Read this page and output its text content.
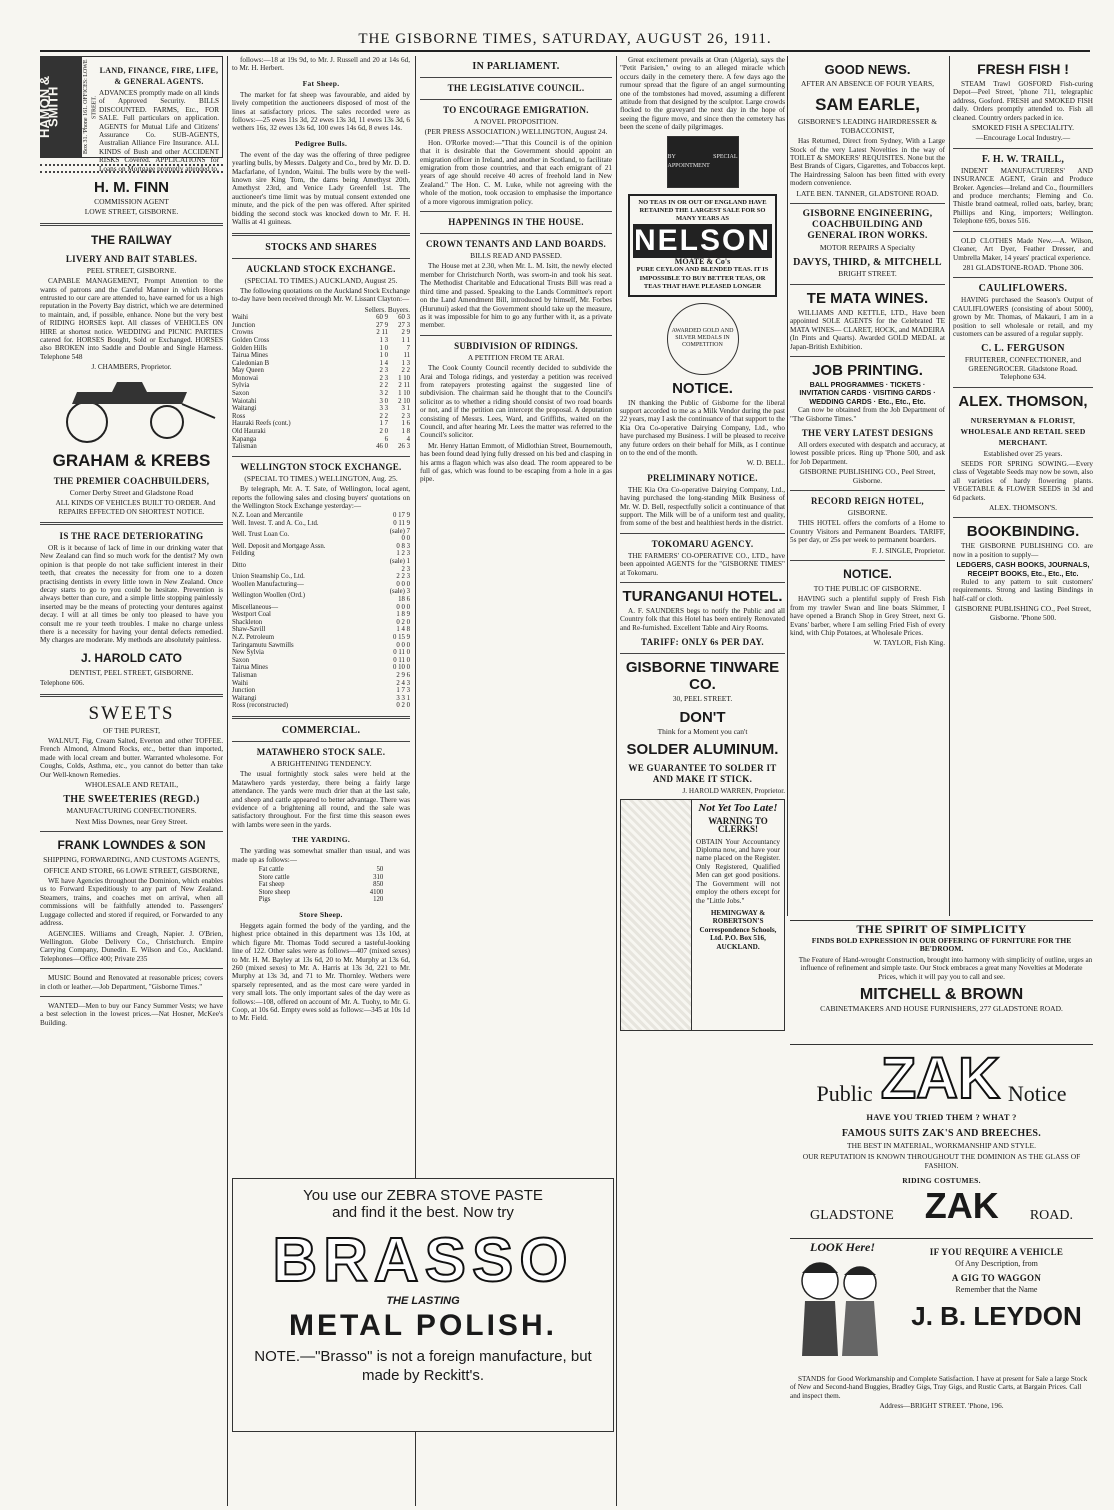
THE GISBORNE TIMES, SATURDAY, AUGUST 26, 1911.
HAMON & SMITH	Box 31. 'Phone 161. OFFICES: LOWE STREET.
LAND, FINANCE, FIRE, LIFE, & GENERAL AGENTS.
ADVANCES promptly made on all kinds of Approved Security. BILLS DISCOUNTED. FARMS, Etc., FOR SALE. Full particulars on application. AGENTS for Mutual Life and Citizens' Assurance Co. SUB-AGENTS, Australian Alliance Fire Insurance. ALL KINDS of Bush and other ACCIDENT RISKS Covered. APPLICATIONS for Loans on Mortgage promptly attended to.
H. M. FINN
COMMISSION AGENT
LOWE STREET, GISBORNE.
THE RAILWAY
LIVERY AND BAIT STABLES.
PEEL STREET, GISBORNE.

CAPABLE MANAGEMENT, Prompt Attention to the wants of patrons and the Careful Manner in which Horses entrusted to our care are attended to, have earned for us a high reputation in the Poverty Bay district, which we are determined to maintain, and, if possible, enhance. None but the very best of RIDING HORSES kept. All classes of VEHICLES ON HIRE at shortest notice. WEDDING and PICNIC PARTIES catered for. HORSES Bought, Sold or Exchanged. HORSES also BROKEN into Saddle and Double and Single Harness. Telephone 548

J. CHAMBERS, Proprietor.
GRAHAM & KREBS
THE PREMIER COACHBUILDERS,
Corner Derby Street and Gladstone Road

ALL KINDS OF VEHICLES BUILT TO ORDER. And REPAIRS EFFECTED ON SHORTEST NOTICE.

IS THE RACE DETERIORATING

OR is it because of lack of lime in our drinking water that New Zealand can find so much work for the dentist? My own opinion is that people do not take sufficient interest in their teeth, that creates the necessity for from one to a dozen practising dentists in every little town in New Zealand. Once decay starts to go to you could be hesitate. Prevention is always better than cure, and a simple little stopping painlessly inserted may be the means of protecting your dentures against decay. I will at all times be only too pleased to have you consult me re your teeth troubles. I make no charge unless there is a necessity for having your dental defects remedied. My charges are moderate. My methods are absolutely painless.

J. HAROLD CATO
DENTIST, PEEL STREET, GISBORNE.
Telephone 606.
SWEETS
OF THE PUREST,

WALNUT, Fig, Cream Salted, Everton and other TOFFEE. French Almond, Almond Rocks, etc., better than imported, made with local cream and butter. Warranted wholesome. For Coughs, Colds, Asthma, etc., you cannot do better than take Our Well-known Remedies.

WHOLESALE AND RETAIL,
THE SWEETERIES (REGD.)
MANUFACTURING CONFECTIONERS.
Next Miss Downes, near Grey Street.
FRANK LOWNDES & SON
SHIPPING, FORWARDING, AND CUSTOMS AGENTS,
OFFICE AND STORE, 66 LOWE STREET, GISBORNE,

WE have Agencies throughout the Dominion, which enables us to Forward Expeditiously to any part of New Zealand. Steamers, trains, and coaches met on arrival, when all commissions will be faithfully attended to. Passengers' Luggage collected and stored if required, or Forwarded to any address.

AGENCIES. Williams and Creagh, Napier. J. O'Brien, Wellington. Globe Delivery Co., Christchurch. Empire Carrying Company, Dunedin. E. Wilson and Co., Auckland. Telephones—Office 400; Private 235

MUSIC Bound and Renovated at reasonable prices; covers in cloth or leather.—Job Department, "Gisborne Times."

WANTED—Men to buy our Fancy Summer Vests; we have a best selection in the lowest prices.—Nat Hosner, McKee's Building.

follows:—18 at 19s 9d, to Mr. J. Russell and 20 at 14s 6d, to Mr. H. Herbert.

Fat Sheep.

The market for fat sheep was favourable, and aided by lively competition the auctioneers disposed of most of the lines at satisfactory prices. The sales recorded were as follows:—25 ewes 11s 3d, 22 ewes 13s 3d, 11 ewes 13s 3d, 6 wethers 16s, 32 ewes 13s 6d, 100 ewes 14s 6d, 8 ewes 14s.

Pedigree Bulls.

The event of the day was the offering of three pedigree yearling bulls, by Messrs. Dalgety and Co., bred by Mr. D. D. Macfarlane, of Lyndon, Waitui. The bulls were by the well-known sire King Tom, the dams being Amethyst 20th, Amethyst 23rd, and Venice Lady Greenfell 1st. The auctioneer's time limit was by mutual consent extended one minute, and the pick of the pen was offered. After spirited bidding the second stock was knocked down to Mr. F. H. Wallis at 41 guineas.

STOCKS AND SHARES
AUCKLAND STOCK EXCHANGE.
(SPECIAL TO TIMES.) AUCKLAND, August 25.

The following quotations on the Auckland Stock Exchange to-day have been received through Mr. W. Lissant Clayton:—

Sellers. Buyers.
Waihi	60 9	60 3
Junction	27 9	27 3
Crowns	2 11	2 9
Golden Cross	1 3	1 1
Golden Hills	1 0	7
Tairua Mines	1 0	11
Caledonian B	1 4	1 3
May Queen	2 3	2 2
Monowai	2 3	1 10
Sylvia	2 2	2 11
Saxon	3 2	1 10
Waiotahi	3 0	2 10
Waitangi	3 3	3 1
Ross	2 2	2 3
Hauraki Reefs (cont.)	1 7	1 6
Old Hauraki	2 0	1 8
Kapanga	6	4
Talisman	46 0	26 3
WELLINGTON STOCK EXCHANGE.
(SPECIAL TO TIMES.) WELLINGTON, Aug. 25.

By telegraph, Mr. A. T. Sate, of Wellington, local agent, reports the following sales and closing buyers' quotations on the Wellington Stock Exchange yesterday:—

N.Z. Loan and Mercantile	0 17 9
Well. Invest. T. and A. Co., Ltd.	0 11 9
Well. Trust Loan Co.	(sale) 7 0 0
Well. Deposit and Mortgage Assn.	0 8 3
Feilding	1 2 3
Ditto	(sale) 1 2 3
Union Steamship Co., Ltd.	2 2 3
Woollen Manufacturing—	0 0 0
Wellington Woollen (Ord.)	(sale) 3 18 6
Miscellaneous—	0 0 0
Westport Coal	1 8 9
Shackleton	0 2 0
Shaw-Savill	1 4 8
N.Z. Petroleum	0 15 9
Taringamutu Sawmills	0 0 0
New Sylvia	0 11 0
Saxon	0 11 0
Tairua Mines	0 10 0
Talisman	2 9 6
Waihi	2 4 3
Junction	1 7 3
Waitangi	3 3 1
Ross (reconstructed)	0 2 0
COMMERCIAL.
MATAWHERO STOCK SALE.
A BRIGHTENING TENDENCY.

The usual fortnightly stock sales were held at the Matawhero yards yesterday, there being a fairly large attendance. The yards were much drier than at the last sale, and sheep and cattle appeared to better advantage. There was evidence of a brightening all round, and the sale was satisfactory throughout. For the first time this season ewes with lambs were seen in the yards.

THE YARDING.

The yarding was somewhat smaller than usual, and was made up as follows:—

Fat cattle	50
Store cattle	310
Fat sheep	850
Store sheep	4100
Pigs	120
Store Sheep.

Heggets again formed the body of the yarding, and the highest price obtained in this department was 13s 10d, at which figure Mr. Thomas Todd secured a tasteful-looking line of 122. Other sales were as follows—407 (mixed sexes) to Mr. H. M. Bayley at 13s 6d, 20 to Mr. Murphy at 13s 6d, 260 (mixed sexes) to Mr. A. Harris at 13s 3d, 221 to Mr. Murphy at 13s 3d, and 71 to Mr. Thornley. Wethers were sparsely represented, and as the most care were yarded in very small lots. The only important sales of the day were as follows:—108, offered on account of Mr. A. Tuohy, to Mr. G. Coop, at 10s 6d. Empty ewes sold as follows:—345 at 10s 1d to Mr. Field.

You use our ZEBRA STOVE PASTE
and find it the best. Now try
BRASSO
THE LASTING
METAL POLISH.
NOTE.—"Brasso" is not a foreign manufacture, but made by Reckitt's.
IN PARLIAMENT.
THE LEGISLATIVE COUNCIL.
TO ENCOURAGE EMIGRATION.
A NOVEL PROPOSITION.
(PER PRESS ASSOCIATION.) WELLINGTON, August 24.

Hon. O'Rorke moved:—"That this Council is of the opinion that it is desirable that the Government should appoint an emigration officer in Ireland, and another in Scotland, to facilitate emigration from those countries, and that each emigrant of 21 years of age should receive 40 acres of freehold land in New Zealand." The Hon. C. M. Luke, while not agreeing with the whole of the motion, took occasion to emphasise the importance of a more vigorous immigration policy.

HAPPENINGS IN THE HOUSE.
CROWN TENANTS AND LAND BOARDS.
BILLS READ AND PASSED.

The House met at 2.30, when Mr. L. M. Isitt, the newly elected member for Christchurch North, was sworn-in and took his seat. The Methodist Charitable and Educational Trusts Bill was read a third time and passed. Speaking to the Lands Committee's report on the Land Amendment Bill, introduced by himself, Mr. Forbes (Hurunui) asked that the Government should take up the measure, as it was impossible for him to go any further with it, as a private member.

SUBDIVISION OF RIDINGS.
A PETITION FROM TE ARAI.

The Cook County Council recently decided to subdivide the Arai and Tologa ridings, and yesterday a petition was received from ratepayers protesting against the suggested line of subdivision. The chairman said he thought that to the Council's solicitor as to whether a riding should consist of two road boards or not, and if the petition can intercept the proposal. A deputation consisting of Messrs. Lees, Ward, and Griffiths, waited on the Council, and after hearing Mr. Lees the matter was referred to the Council's solicitor.

Mr. Henry Hattan Emmott, of Midlothian Street, Bournemouth, has been found dead lying fully dressed on his bed and clasping in his arms a flagon which was also dead. The room appeared to be full of gas, which was found to be escaping from a hole in a gas pipe.

GOOD NEWS.
AFTER AN ABSENCE OF FOUR YEARS,
SAM EARLE,
GISBORNE'S LEADING HAIRDRESSER & TOBACCONIST,

Has Returned, Direct from Sydney, With a Large Stock of the very Latest Novelties in the way of TOILET & SMOKERS' REQUISITES. None but the Best Brands of Cigars, Cigarettes, and Tobaccos kept. The Hairdressing Saloon has been fitted with every modern convenience.

LATE BEN. TANNER, GLADSTONE ROAD.
GISBORNE ENGINEERING, COACHBUILDING AND GENERAL IRON WORKS.
MOTOR REPAIRS A Specialty
DAVYS, THIRD, & MITCHELL
BRIGHT STREET.
TE MATA WINES.

WILLIAMS AND KETTLE, LTD., Have been appointed SOLE AGENTS for the Celebrated TE MATA WINES— CLARET, HOCK, and MADEIRA (In Pints and Quarts). Awarded GOLD MEDAL at Japan-British Exhibition.

JOB PRINTING.
BALL PROGRAMMES · TICKETS · INVITATION CARDS · VISITING CARDS · WEDDING CARDS · Etc., Etc., Etc.

Can now be obtained from the Job Department of "The Gisborne Times."

THE VERY LATEST DESIGNS

All orders executed with despatch and accuracy, at lowest possible prices. Ring up 'Phone 500, and ask for Job Department.

GISBORNE PUBLISHING CO., Peel Street, Gisborne.
RECORD REIGN HOTEL,
GISBORNE.

THIS HOTEL offers the comforts of a Home to Country Visitors and Permanent Boarders. TARIFF, 5s per day, or 25s per week to permanent boarders.

F. J. SINGLE, Proprietor.
NOTICE.
TO THE PUBLIC OF GISBORNE.

HAVING such a plentiful supply of Fresh Fish from my trawler Swan and line boats Skimmer, I have opened a Branch Shop in Grey Street, next G. Evans' barber, where I am selling Fried Fish of every kind, with Chip Potatoes, at Wholesale Prices.

W. TAYLOR, Fish King.
FRESH FISH !

STEAM Trawl GOSFORD Fish-curing Depot—Peel Street, 'phone 711, telegraphic address, Gosford. FRESH and SMOKED FISH daily. Orders promptly attended to. Fish all cleaned. Country orders packed in ice.

SMOKED FISH A SPECIALITY.
—Encourage Local Industry.—
F. H. W. TRAILL,

INDENT MANUFACTURERS' AND INSURANCE AGENT, Grain and Produce Broker. Agencies—Ireland and Co., flourmillers and produce merchants; Fleming and Co. Thistle brand oatmeal, rolled oats, barley, bran; Phillips and King, importers; Wellington. Telephone 695, boxes 516.

OLD CLOTHES Made New.—A. Wilson, Cleaner, Art Dyer, Feather Dresser, and Umbrella Maker, 14 years' practical experience.

281 GLADSTONE-ROAD. 'Phone 306.
CAULIFLOWERS.

HAVING purchased the Season's Output of CAULIFLOWERS (consisting of about 5000), grown by Mr. Thomas, of Makauri, I am in a position to sell wholesale or retail, and my customers can be assured of a regular supply.

C. L. FERGUSON
FRUITERER, CONFECTIONER, and GREENGROCER. Gladstone Road. Telephone 634.
ALEX. THOMSON,
NURSERYMAN & FLORIST, WHOLESALE AND RETAIL SEED MERCHANT.
Established over 25 years.

SEEDS FOR SPRING SOWING.—Every class of Vegetable Seeds may now be sown, also all varieties of hardy flowering plants. VEGETABLE & FLOWER SEEDS in 3d and 6d packets.

ALEX. THOMSON'S.
BOOKBINDING.

THE GISBORNE PUBLISHING CO. are now in a position to supply—

LEDGERS, CASH BOOKS, JOURNALS, RECEIPT BOOKS, Etc., Etc., Etc.

Ruled to any pattern to suit customers' requirements. Strong and lasting Bindings in half-calf or cloth.

GISBORNE PUBLISHING CO., Peel Street, Gisborne. 'Phone 500.
THE SPIRIT OF SIMPLICITY
FINDS BOLD EXPRESSION IN OUR OFFERING OF FURNITURE FOR THE BE'DROOM.

The Feature of Hand-wrought Construction, brought into harmony with simplicity of outline, urges an influence of refinement and simple taste. Our Stock embraces a great many Novelties at Moderate Prices, which it will pay you to call and see.

MITCHELL & BROWN
CABINETMAKERS AND HOUSE FURNISHERS, 277 GLADSTONE ROAD.
Public ZAK Notice
HAVE YOU TRIED THEM ? WHAT ?
FAMOUS SUITS ZAK'S AND BREECHES.
THE BEST IN MATERIAL, WORKMANSHIP AND STYLE.
OUR REPUTATION IS KNOWN THROUGHOUT THE DOMINION AS THE GLASS OF FASHION.
RIDING COSTUMES.
GLADSTONE ZAK ROAD.
LOOK Here!	IF YOU REQUIRE A VEHICLE
Of Any Description, from
A GIG TO WAGGON
Remember that the Name
J. B. LEYDON

STANDS for Good Workmanship and Complete Satisfaction. I have at present for Sale a large Stock of New and Second-hand Buggies, Bradley Gigs, Tray Gigs, and Rustic Carts, at Bargain Prices. Call and inspect them.

Address—BRIGHT STREET. 'Phone, 196.

Great excitement prevails at Oran (Algeria), says the "Petit Parisien," owing to an alleged miracle which occurs daily in the cemetery there. A few days ago the rumour spread that the figure of an angel surmounting one of the tombstones had moved, assuming a different attitude from that designed by the sculptor. Large crowds flocked to the graveyard the next day in the hope of seeing the figure move, and since then the cemetery has been the scene of daily pilgrimages.

BY SPECIAL APPOINTMENT
NO TEAS IN OR OUT OF ENGLAND HAVE RETAINED THE LARGEST SALE FOR SO MANY YEARS AS
NELSON
MOATE & Co's
PURE CEYLON AND BLENDED TEAS. IT IS IMPOSSIBLE TO BUY BETTER TEAS, OR TEAS THAT HAVE PLEASED LONGER
AWARDED GOLD AND SILVER MEDALS IN COMPETITION
NOTICE.

IN thanking the Public of Gisborne for the liberal support accorded to me as a Milk Vendor during the past 22 years, may I ask the continuance of that support to the Kia Ora Co-operative Dairying Company, Ltd., who have purchased my Business. I will be pleased to receive any future orders on their behalf for Milk, as I continue on to the end of the month.

W. D. BELL.
PRELIMINARY NOTICE.

THE Kia Ora Co-operative Dairying Company, Ltd., having purchased the long-standing Milk Business of Mr. W. D. Bell, respectfully solicit a continuance of that support. The Milk will be of a uniform test and quality, from some of the best and healthiest herds in the district.

TOKOMARU AGENCY.

THE FARMERS' CO-OPERATIVE CO., LTD., have been appointed AGENTS for the "GISBORNE TIMES" at Tokomaru.

TURANGANUI HOTEL.

A. F. SAUNDERS begs to notify the Public and all Country folk that this Hotel has been entirely Renovated and Re-furnished. Excellent Table and Airy Rooms.

TARIFF: ONLY 6s PER DAY.
GISBORNE TINWARE CO.
30, PEEL STREET.
DON'T
Think for a Moment you can't
SOLDER ALUMINUM.
WE GUARANTEE TO SOLDER IT AND MAKE IT STICK.
J. HAROLD WARREN, Proprietor.
Not Yet Too Late!
WARNING TO CLERKS!
OBTAIN Your Accountancy Diploma now, and have your name placed on the Register. Only Registered, Qualified Men can get good positions. The Government will not employ the others except for the "Little Jobs."
HEMINGWAY & ROBERTSON'S Correspondence Schools, Ltd. P.O. Box 516, AUCKLAND.
